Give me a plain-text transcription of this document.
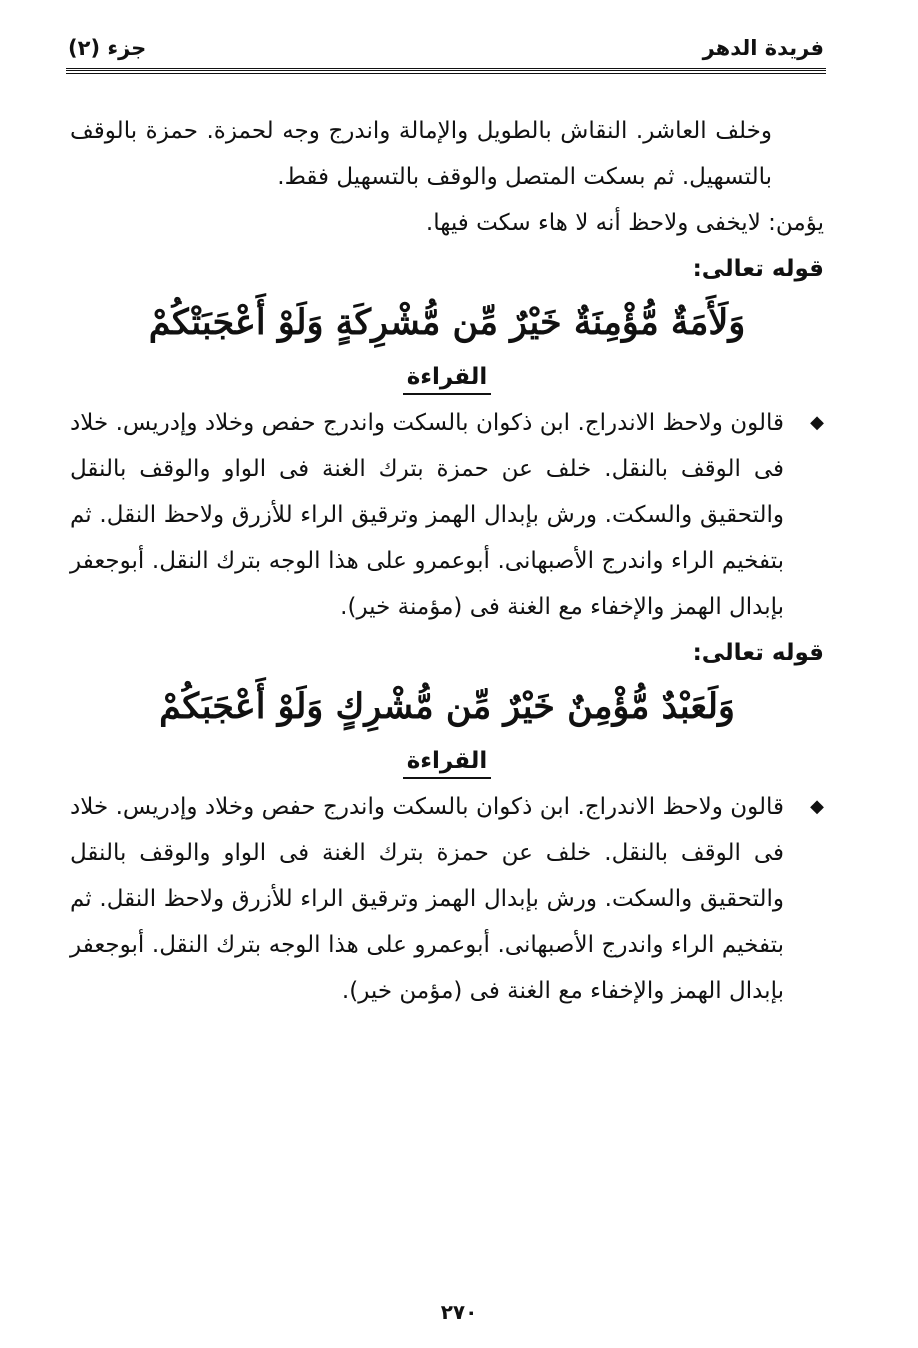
فريدة الدهر
جزء (٢)

وخلف العاشر. النقاش بالطويل والإمالة واندرج وجه لحمزة. حمزة بالوقف بالتسهيل. ثم بسكت المتصل والوقف بالتسهيل فقط.

يؤمن: لايخفى ولاحظ أنه لا هاء سكت فيها.

قوله تعالى:

وَلَأَمَةٌ مُّؤْمِنَةٌ خَيْرٌ مِّن مُّشْرِكَةٍ وَلَوْ أَعْجَبَتْكُمْ

القراءة

◆

قالون ولاحظ الاندراج. ابن ذكوان بالسكت واندرج حفص وخلاد وإدريس. خلاد فى الوقف بالنقل. خلف عن حمزة بترك الغنة فى الواو والوقف بالنقل والتحقيق والسكت. ورش بإبدال الهمز وترقيق الراء للأزرق ولاحظ النقل. ثم بتفخيم الراء واندرج الأصبهانى. أبوعمرو على هذا الوجه بترك النقل. أبوجعفر بإبدال الهمز والإخفاء مع الغنة فى (مؤمنة خير).

قوله تعالى:

وَلَعَبْدٌ مُّؤْمِنٌ خَيْرٌ مِّن مُّشْرِكٍ وَلَوْ أَعْجَبَكُمْ

القراءة

◆

قالون ولاحظ الاندراج. ابن ذكوان بالسكت واندرج حفص وخلاد وإدريس. خلاد فى الوقف بالنقل. خلف عن حمزة بترك الغنة فى الواو والوقف بالنقل والتحقيق والسكت. ورش بإبدال الهمز وترقيق الراء للأزرق ولاحظ النقل. ثم بتفخيم الراء واندرج الأصبهانى. أبوعمرو على هذا الوجه بترك النقل. أبوجعفر بإبدال الهمز والإخفاء مع الغنة فى (مؤمن خير).

٢٧٠
